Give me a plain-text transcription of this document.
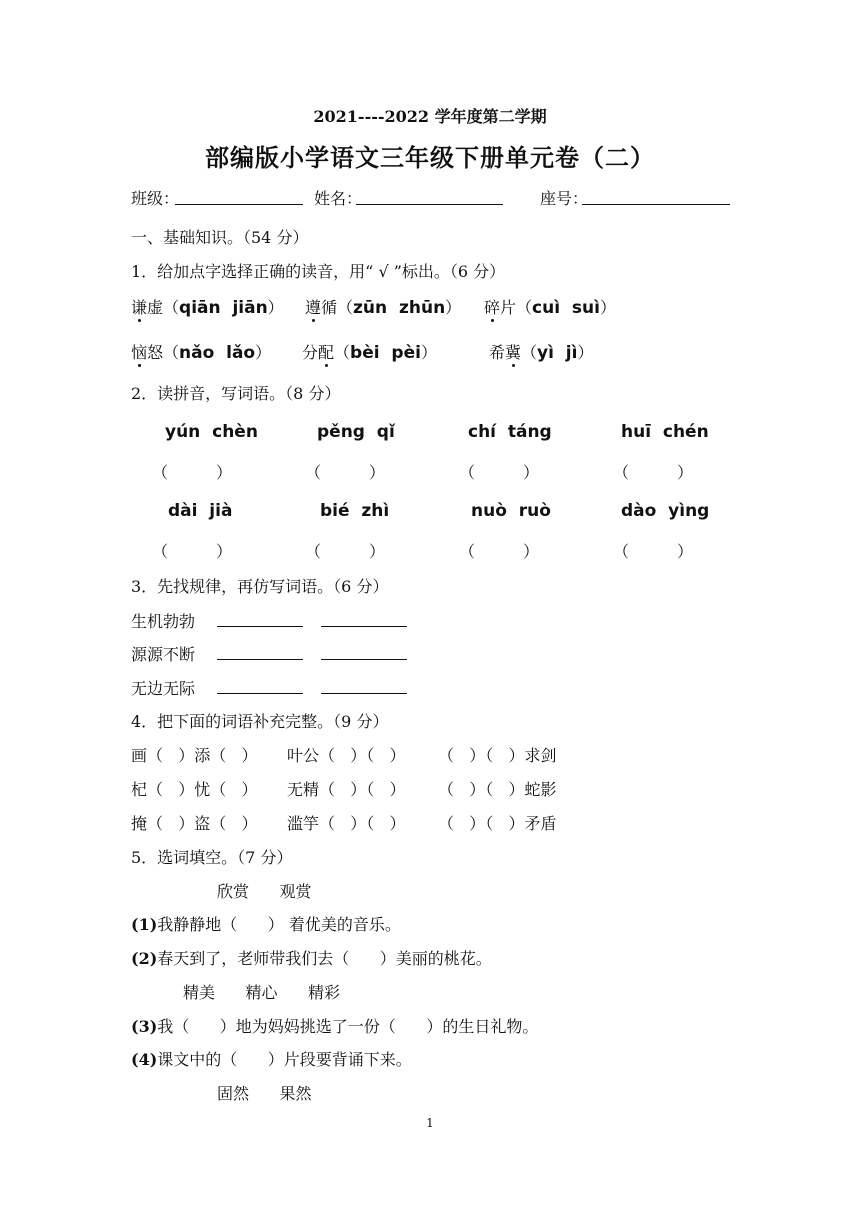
2021----2022 学年度第二学期
部编版小学语文三年级下册单元卷（二）
班级：	姓名：	座号：
一、基础知识。（54 分）
1．给加点字选择正确的读音，用“ √ ”标出。（6 分）
谦虚（qiān  jiān） 遵循（zūn  zhūn） 碎片（cuì  suì）
恼怒（nǎo  lǎo） 分配（bèi  pèi）	希冀（yì  jì）
2．读拼音，写词语。（8 分）
yún  chèn	pěng  qǐ	chí  táng	huī  chén
（	）	（	）	（	）	（	）
dài  jià	bié  zhì	nuò  ruò	dào  yìng
（	）	（	）	（	）	（	）
3．先找规律，再仿写词语。（6 分）
生机勃勃
源源不断
无边无际
4．把下面的词语补充完整。（9 分）
画（   ）添（   ） 叶公（   ）（   ） （   ）（   ）求剑
杞（   ）忧（   ） 无精（   ）（   ） （   ）（   ）蛇影
掩（   ）盗（   ） 滥竽（   ）（   ） （   ）（   ）矛盾
5．选词填空。（7 分）
欣赏      观赏
(1)我静静地（      ） 着优美的音乐。
(2)春天到了，老师带我们去（      ）美丽的桃花。
精美      精心      精彩
(3)我（      ）地为妈妈挑选了一份（      ）的生日礼物。
(4)课文中的（      ）片段要背诵下来。
固然      果然
1
